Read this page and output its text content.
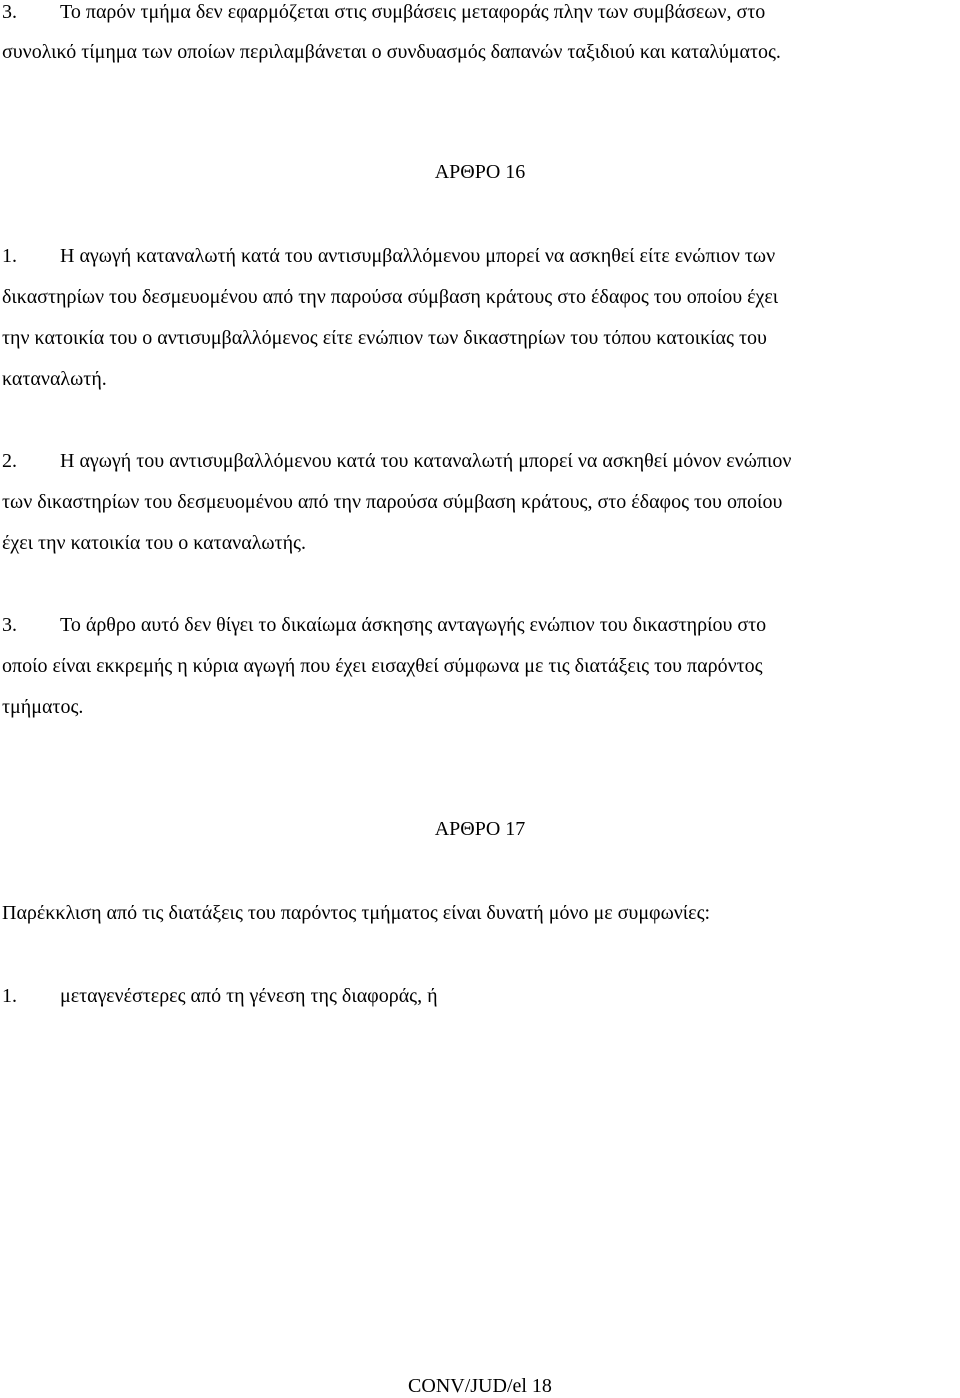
3. Το παρόν τμήμα δεν εφαρμόζεται στις συμβάσεις μεταφοράς πλην των συμβάσεων, στο
συνολικό τίμημα των οποίων περιλαμβάνεται ο συνδυασμός δαπανών ταξιδιού και καταλύματος.
ΑΡΘΡΟ 16
1. Η αγωγή καταναλωτή κατά του αντισυμβαλλόμενου μπορεί να ασκηθεί είτε ενώπιον των
δικαστηρίων του δεσμευομένου από την παρούσα σύμβαση κράτους στο έδαφος του οποίου έχει
την κατοικία του ο αντισυμβαλλόμενος είτε ενώπιον των δικαστηρίων του τόπου κατοικίας του
καταναλωτή.
2. Η αγωγή του αντισυμβαλλόμενου κατά του καταναλωτή μπορεί να ασκηθεί μόνον ενώπιον
των δικαστηρίων του δεσμευομένου από την παρούσα σύμβαση κράτους, στο έδαφος του οποίου
έχει την κατοικία του ο καταναλωτής.
3. Το άρθρο αυτό δεν θίγει το δικαίωμα άσκησης ανταγωγής ενώπιον του δικαστηρίου στο
οποίο είναι εκκρεμής η κύρια αγωγή που έχει εισαχθεί σύμφωνα με τις διατάξεις του παρόντος
τμήματος.
ΑΡΘΡΟ 17
Παρέκκλιση από τις διατάξεις του παρόντος τμήματος είναι δυνατή μόνο με συμφωνίες:
1. μεταγενέστερες από τη γένεση της διαφοράς, ή
CONV/JUD/el 18
